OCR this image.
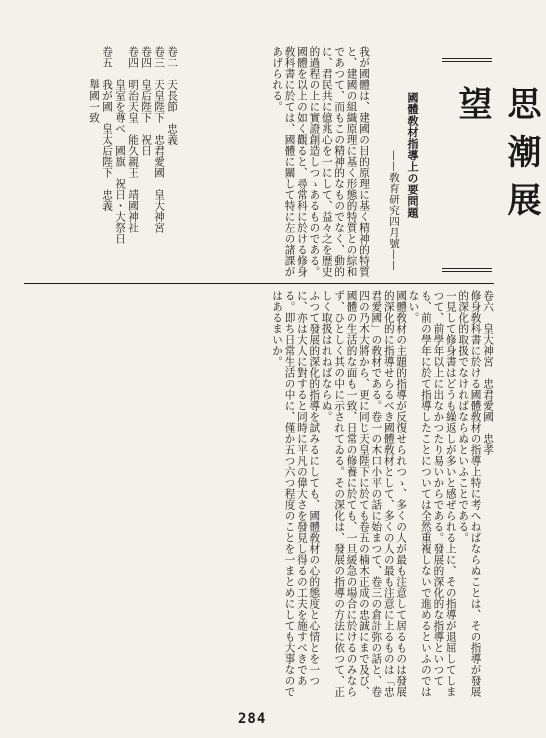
思潮展望
國體敎材指導上の要問題
——敎育研究四月號——
我が國體は、建國の目的原理に基く精神的特質と、建國の組織原理に基く形態的特質との綜和であつて、而もこの精神的なものでなく、動的に、君民共に億兆心を一にして、益々之を歴史的過程の上に實證創造しつゝあるものである。
國體を以上の如く觀ると、尋常科に於ける修身敎科書に於ては、國體に關して特に左の諸課があげられる。
卷二　天長節　忠義
卷三　天皇陛下　忠君愛國　皇大神宮
卷四　皇后陛下　祝日
卷四　明治天皇　能久親王　靖國神社
　　　皇室を尊べ　國旗　祝日・大祭日
卷五　我が國　皇太后陛下　忠義
　　　舉國一致
卷六　皇大神宮　忠君愛國　忠孝
修身敎科書に於ける國體敎材の指導上特に考へねばならぬことは、その指導が發展的深化的取扱でなければならぬといふことである。
一見して修身書はどうも繰返しが多いと感ぜられる上に、その指導が退屈してしまつて、前學年以上に出なかつたり易いからである。發展的深化的な指導といつても、前の學年に於て指導したことについては全然重複しないで進めるといふのではない。
國體敎材の主題的指導が反復せられつゝ、多くの人が最も注意して居るものは發展的深化的に指導せらるべき國體敎材として、多くの人の最も注意に上るものは「忠君愛國」の敎材である。卷一の木口小平の話に始まつて、卷三の倉計弥の話と、卷四の乃木大將から、更に同じ天皇陛下に於ても卷五の楠木正成の忠誠にまで及び、國體の生活的な面も一致、日常の修養に於ても、一旦緩急の場合に於けるのみならず、ひとしく其の中に示されてゐる。その深化は、發展の指導の方法に依つて、正しく取扱はれねばならぬ。
ふつて發展的深化的指導を試みるにしても、國體敎材の心的態度と心情とを一つに、亦は大人に對すると同時に平凡の偉大さを發見し得るの工夫を施すべきである。即ち日常生活の中に、僅か五つ六つ程度のことを一まとめにしても大事なのではあるまいか。
284
